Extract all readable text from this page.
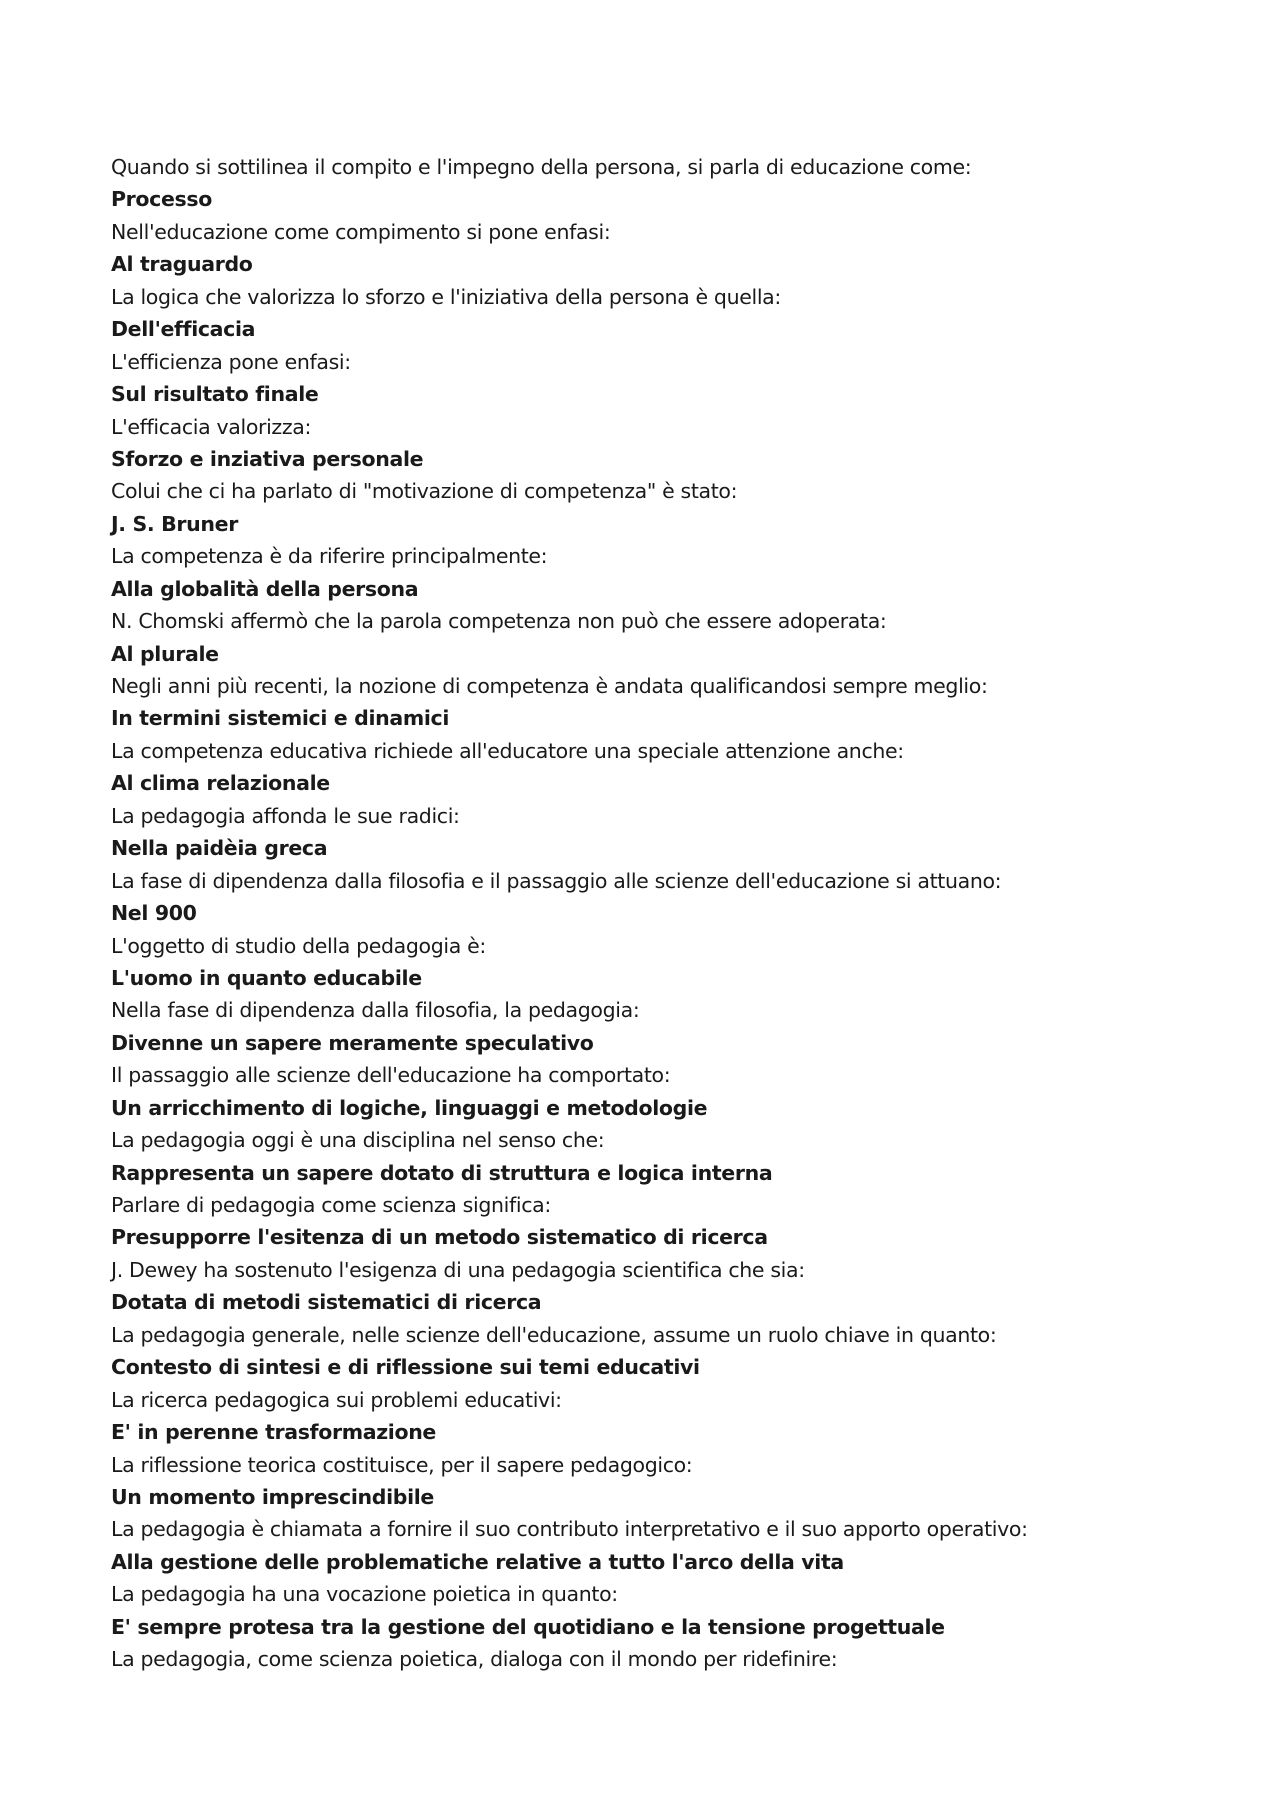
Quando si sottilinea il compito e l'impegno della persona, si parla di educazione come:
Processo
Nell'educazione come compimento si pone enfasi:
Al traguardo
La logica che valorizza lo sforzo e l'iniziativa della persona è quella:
Dell'efficacia
L'efficienza pone enfasi:
Sul risultato finale
L'efficacia valorizza:
Sforzo e inziativa personale
Colui che ci ha parlato di "motivazione di competenza" è stato:
J. S. Bruner
La competenza è da riferire principalmente:
Alla globalità della persona
N. Chomski affermò che la parola competenza non può che essere adoperata:
Al plurale
Negli anni più recenti, la nozione di competenza è andata qualificandosi sempre meglio:
In termini sistemici e dinamici
La competenza educativa richiede all'educatore una speciale attenzione anche:
Al clima relazionale
La pedagogia affonda le sue radici:
Nella paidèia greca
La fase di dipendenza dalla filosofia e il passaggio alle scienze dell'educazione si attuano:
Nel 900
L'oggetto di studio della pedagogia è:
L'uomo in quanto educabile
Nella fase di dipendenza dalla filosofia, la pedagogia:
Divenne un sapere meramente speculativo
Il passaggio alle scienze dell'educazione ha comportato:
Un arricchimento di logiche, linguaggi e metodologie
La pedagogia oggi è una disciplina nel senso che:
Rappresenta un sapere dotato di struttura e logica interna
Parlare di pedagogia come scienza significa:
Presupporre l'esitenza di un metodo sistematico di ricerca
J. Dewey ha sostenuto l'esigenza di una pedagogia scientifica che sia:
Dotata di metodi sistematici di ricerca
La pedagogia generale, nelle scienze dell'educazione, assume un ruolo chiave in quanto:
Contesto di sintesi e di riflessione sui temi educativi
La ricerca pedagogica sui problemi educativi:
E' in perenne trasformazione
La riflessione teorica costituisce, per il sapere pedagogico:
Un momento imprescindibile
La pedagogia è chiamata a fornire il suo contributo interpretativo e il suo apporto operativo:
Alla gestione delle problematiche relative a tutto l'arco della vita
La pedagogia ha una vocazione poietica in quanto:
E' sempre protesa tra la gestione del quotidiano e la tensione progettuale
La pedagogia, come scienza poietica, dialoga con il mondo per ridefinire:
